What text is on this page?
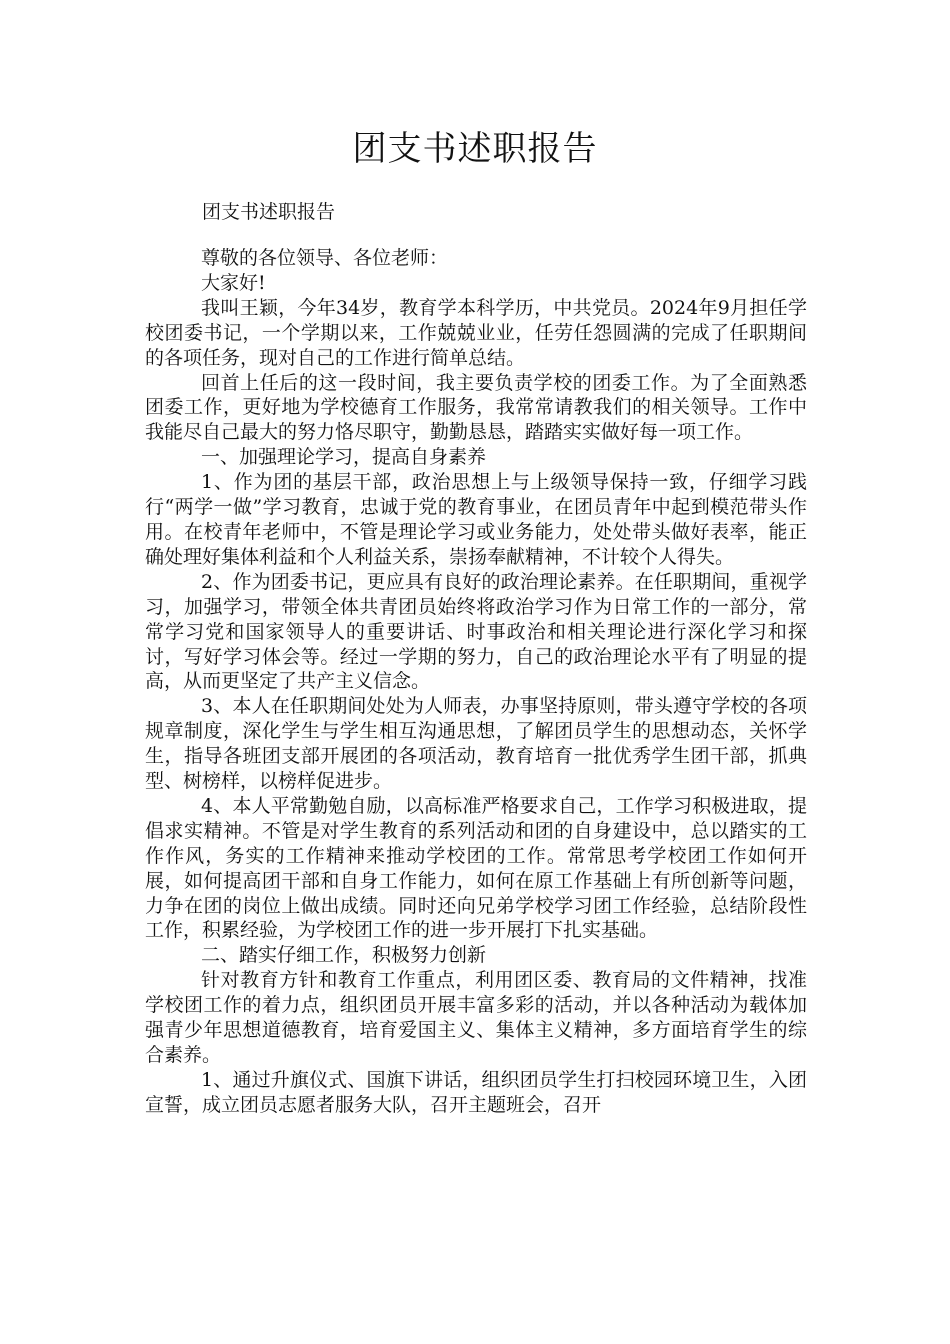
团支书述职报告

团支书述职报告

尊敬的各位领导、各位老师：

大家好!

我叫王颖，今年34岁，教育学本科学历，中共党员。2024年9月担任学校团委书记，一个学期以来，工作兢兢业业，任劳任怨圆满的完成了任职期间的各项任务，现对自己的工作进行简单总结。

回首上任后的这一段时间，我主要负责学校的团委工作。为了全面熟悉团委工作，更好地为学校德育工作服务，我常常请教我们的相关领导。工作中我能尽自己最大的努力恪尽职守，勤勤恳恳，踏踏实实做好每一项工作。

一、加强理论学习，提高自身素养

1、作为团的基层干部，政治思想上与上级领导保持一致，仔细学习践行“两学一做”学习教育，忠诚于党的教育事业，在团员青年中起到模范带头作用。在校青年老师中，不管是理论学习或业务能力，处处带头做好表率，能正确处理好集体利益和个人利益关系，崇扬奉献精神，不计较个人得失。

2、作为团委书记，更应具有良好的政治理论素养。在任职期间，重视学习，加强学习，带领全体共青团员始终将政治学习作为日常工作的一部分，常常学习党和国家领导人的重要讲话、时事政治和相关理论进行深化学习和探讨，写好学习体会等。经过一学期的努力，自己的政治理论水平有了明显的提高，从而更坚定了共产主义信念。

3、本人在任职期间处处为人师表，办事坚持原则，带头遵守学校的各项规章制度，深化学生与学生相互沟通思想，了解团员学生的思想动态，关怀学生，指导各班团支部开展团的各项活动，教育培育一批优秀学生团干部，抓典型、树榜样，以榜样促进步。

4、本人平常勤勉自励，以高标准严格要求自己，工作学习积极进取，提倡求实精神。不管是对学生教育的系列活动和团的自身建设中，总以踏实的工作作风，务实的工作精神来推动学校团的工作。常常思考学校团工作如何开展，如何提高团干部和自身工作能力，如何在原工作基础上有所创新等问题，力争在团的岗位上做出成绩。同时还向兄弟学校学习团工作经验，总结阶段性工作，积累经验，为学校团工作的进一步开展打下扎实基础。

二、踏实仔细工作，积极努力创新

针对教育方针和教育工作重点，利用团区委、教育局的文件精神，找准学校团工作的着力点，组织团员开展丰富多彩的活动，并以各种活动为载体加强青少年思想道德教育，培育爱国主义、集体主义精神，多方面培育学生的综合素养。

1、通过升旗仪式、国旗下讲话，组织团员学生打扫校园环境卫生，入团宣誓，成立团员志愿者服务大队，召开主题班会，召开
